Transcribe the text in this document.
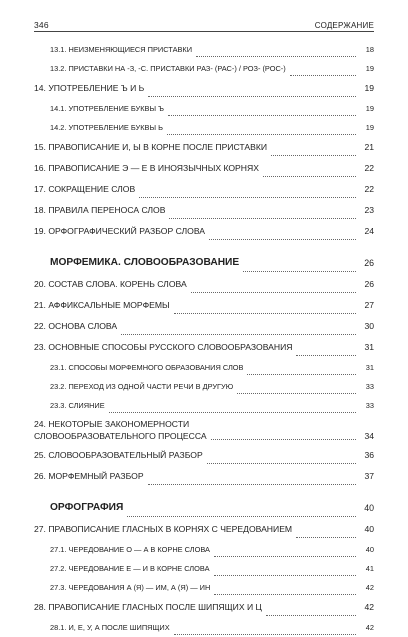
346	СОДЕРЖАНИЕ
13.1. НЕИЗМЕНЯЮЩИЕСЯ ПРИСТАВКИ	18
13.2. ПРИСТАВКИ НА -З, -С. ПРИСТАВКИ РАЗ- (РАС-) / РОЗ- (РОС-)	19
14. УПОТРЕБЛЕНИЕ Ъ И Ь	19
14.1. УПОТРЕБЛЕНИЕ БУКВЫ Ъ	19
14.2. УПОТРЕБЛЕНИЕ БУКВЫ Ь	19
15. ПРАВОПИСАНИЕ И, Ы В КОРНЕ ПОСЛЕ ПРИСТАВКИ	21
16. ПРАВОПИСАНИЕ Э — Е В ИНОЯЗЫЧНЫХ КОРНЯХ	22
17. СОКРАЩЕНИЕ СЛОВ	22
18. ПРАВИЛА ПЕРЕНОСА СЛОВ	23
19. ОРФОГРАФИЧЕСКИЙ РАЗБОР СЛОВА	24
МОРФЕМИКА. СЛОВООБРАЗОВАНИЕ	26
20. СОСТАВ СЛОВА. КОРЕНЬ СЛОВА	26
21. АФФИКСАЛЬНЫЕ МОРФЕМЫ	27
22. ОСНОВА СЛОВА	30
23. ОСНОВНЫЕ СПОСОБЫ РУССКОГО СЛОВООБРАЗОВАНИЯ	31
23.1. СПОСОБЫ МОРФЕМНОГО ОБРАЗОВАНИЯ СЛОВ	31
23.2. ПЕРЕХОД ИЗ ОДНОЙ ЧАСТИ РЕЧИ В ДРУГУЮ	33
23.3. СЛИЯНИЕ	33
24. НЕКОТОРЫЕ ЗАКОНОМЕРНОСТИ
СЛОВООБРАЗОВАТЕЛЬНОГО ПРОЦЕССА	34
25. СЛОВООБРАЗОВАТЕЛЬНЫЙ РАЗБОР	36
26. МОРФЕМНЫЙ РАЗБОР	37
ОРФОГРАФИЯ	40
27. ПРАВОПИСАНИЕ ГЛАСНЫХ В КОРНЯХ С ЧЕРЕДОВАНИЕМ	40
27.1. ЧЕРЕДОВАНИЕ О — А В КОРНЕ СЛОВА	40
27.2. ЧЕРЕДОВАНИЕ Е — И В КОРНЕ СЛОВА	41
27.3. ЧЕРЕДОВАНИЯ А (Я) — ИМ, А (Я) — ИН	42
28. ПРАВОПИСАНИЕ ГЛАСНЫХ ПОСЛЕ ШИПЯЩИХ И Ц	42
28.1. И, Е, У, А ПОСЛЕ ШИПЯЩИХ	42
